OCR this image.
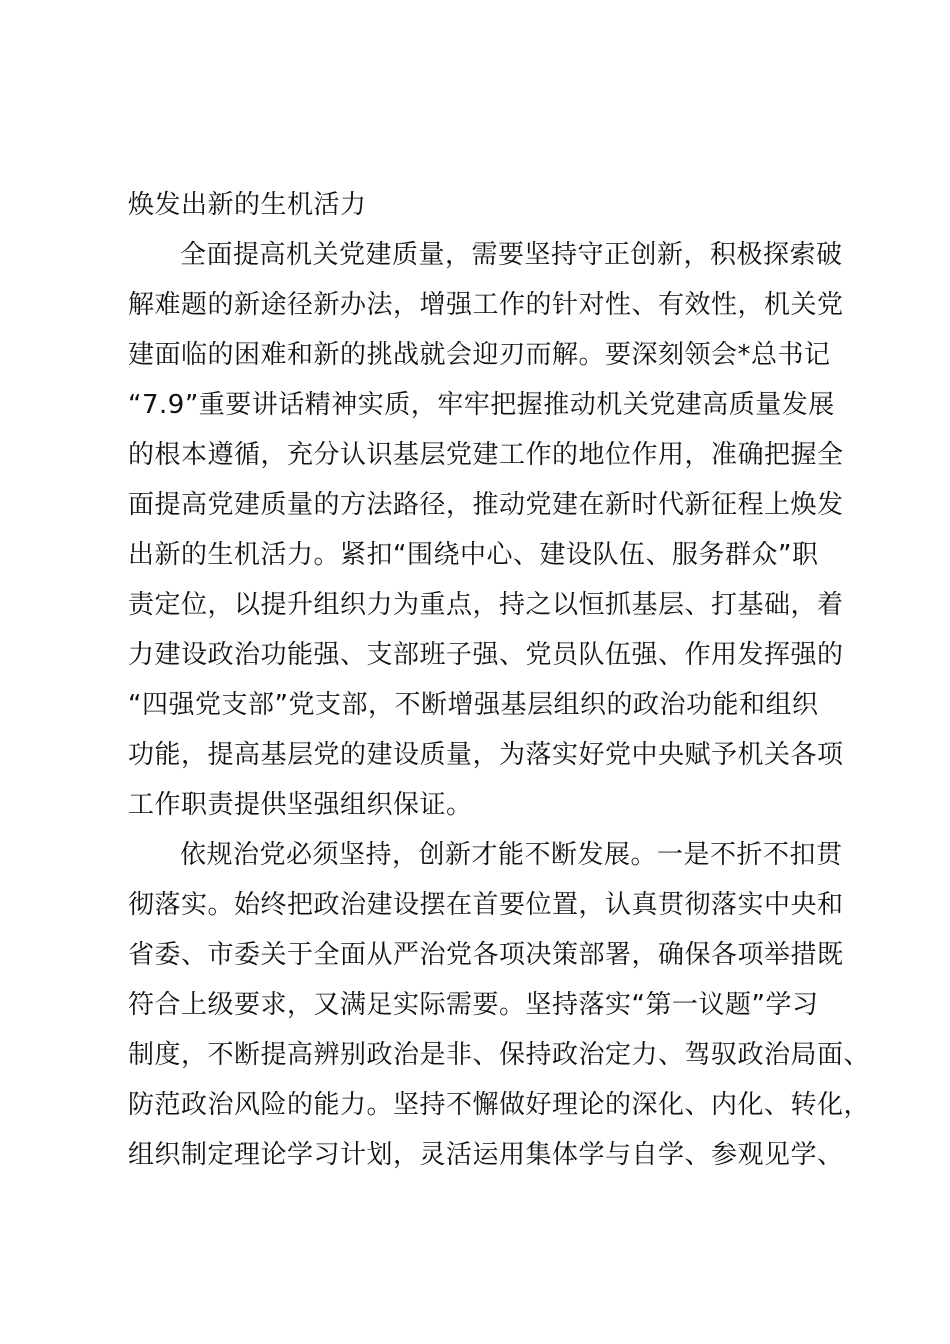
焕发出新的生机活力
全面提高机关党建质量，需要坚持守正创新，积极探索破
解难题的新途径新办法，增强工作的针对性、有效性，机关党
建面临的困难和新的挑战就会迎刃而解。要深刻领会*总书记
“7.9”重要讲话精神实质，牢牢把握推动机关党建高质量发展
的根本遵循，充分认识基层党建工作的地位作用，准确把握全
面提高党建质量的方法路径，推动党建在新时代新征程上焕发
出新的生机活力。紧扣“围绕中心、建设队伍、服务群众”职
责定位，以提升组织力为重点，持之以恒抓基层、打基础，着
力建设政治功能强、支部班子强、党员队伍强、作用发挥强的
“四强党支部”党支部，不断增强基层组织的政治功能和组织
功能，提高基层党的建设质量，为落实好党中央赋予机关各项
工作职责提供坚强组织保证。
依规治党必须坚持，创新才能不断发展。一是不折不扣贯
彻落实。始终把政治建设摆在首要位置，认真贯彻落实中央和
省委、市委关于全面从严治党各项决策部署，确保各项举措既
符合上级要求，又满足实际需要。坚持落实“第一议题”学习
制度，不断提高辨别政治是非、保持政治定力、驾驭政治局面、
防范政治风险的能力。坚持不懈做好理论的深化、内化、转化，
组织制定理论学习计划，灵活运用集体学与自学、参观见学、
